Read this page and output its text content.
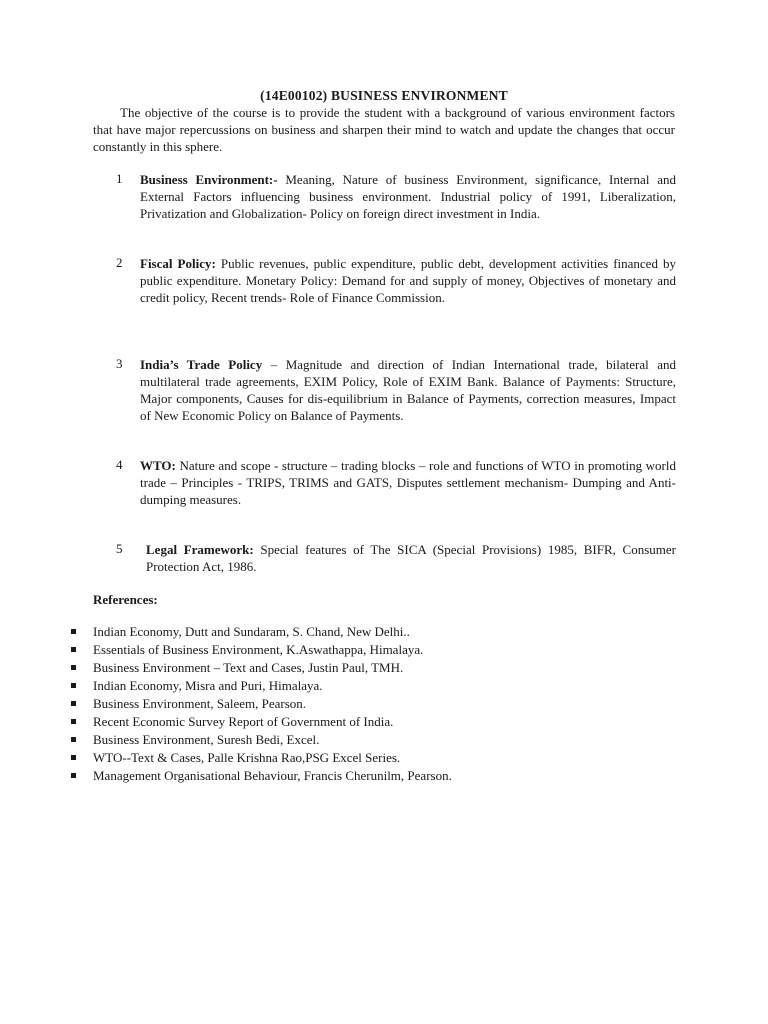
(14E00102) BUSINESS ENVIRONMENT
The objective of the course is to provide the student with a background of various environment factors that have major repercussions on business and sharpen their mind to watch and update the changes that occur constantly in this sphere.
1 Business Environment:- Meaning, Nature of business Environment, significance, Internal and External Factors influencing business environment. Industrial policy of 1991, Liberalization, Privatization and Globalization- Policy on foreign direct investment in India.
2 Fiscal Policy: Public revenues, public expenditure, public debt, development activities financed by public expenditure. Monetary Policy: Demand for and supply of money, Objectives of monetary and credit policy, Recent trends- Role of Finance Commission.
3 India’s Trade Policy – Magnitude and direction of Indian International trade, bilateral and multilateral trade agreements, EXIM Policy, Role of EXIM Bank. Balance of Payments: Structure, Major components, Causes for dis-equilibrium in Balance of Payments, correction measures, Impact of New Economic Policy on Balance of Payments.
4 WTO: Nature and scope - structure – trading blocks – role and functions of WTO in promoting world trade – Principles - TRIPS, TRIMS and GATS, Disputes settlement mechanism- Dumping and Anti-dumping measures.
5 Legal Framework: Special features of The SICA (Special Provisions) 1985, BIFR, Consumer Protection Act, 1986.
References:
Indian Economy, Dutt and Sundaram, S. Chand, New Delhi..
Essentials of Business Environment, K.Aswathappa, Himalaya.
Business Environment – Text and Cases, Justin Paul, TMH.
Indian Economy, Misra and Puri, Himalaya.
Business Environment, Saleem, Pearson.
Recent Economic Survey Report of Government of India.
Business Environment, Suresh Bedi, Excel.
WTO--Text & Cases, Palle Krishna Rao,PSG Excel Series.
Management Organisational Behaviour, Francis Cherunilm, Pearson.
